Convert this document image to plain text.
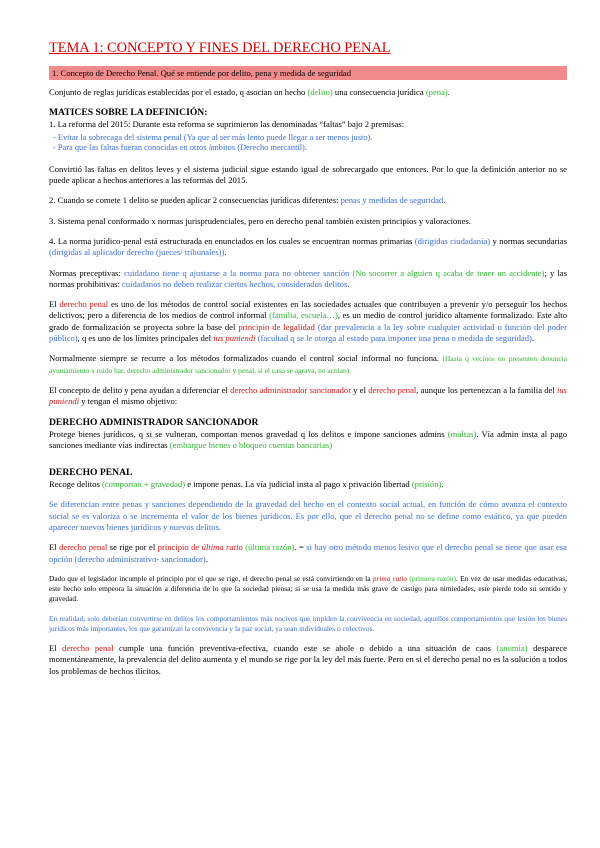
TEMA 1: CONCEPTO Y FINES DEL DERECHO PENAL
1. Concepto de Derecho Penal. Qué se entiende por delito, pena y medida de seguridad

Conjunto de reglas jurídicas establecidas por el estado, q asocian un hecho (delito) una consecuencia jurídica (pena).

MATICES SOBRE LA DEFINICIÓN:

1. La reforma del 2015: Durante esta reforma se suprimieron las denominadas “faltas” bajo 2 premisas:

- Evitar la sobrecaga del sistema penal (Ya que al ser más lento puede llegar a ser menos justo).
- Para que las faltas fueran conocidas en otros ámbitos (Derecho mercantil).

Convirtió las faltas en delitos leves y el sistema judicial sigue estando igual de sobrecargado que entonces. Por lo que la definición anterior no se puede aplicar a hechos anteriores a las reformas del 2015.

2. Cuando se comete 1 delito se pueden aplicar 2 consecuencias jurídicas diferentes: penas y medidas de seguridad.

3. Sistema penal conformado x normas jurisprudenciales, pero en derecho penal también existen principios y valoraciones.

4. La norma jurídico-penal está estructurada en enunciados en los cuales se encuentran normas primarias (dirigidas ciudadanía) y normas secundarias (dirigidas al aplicador derecho (jueces/ tribunales)).

Normas preceptivas: cuidadano tiene q ajustarse a la norma para no obtener sanción (No socorrer a alguien q acaba de tener un accidente); y las normas prohibitivas: cuidadanos no deben realizar ciertos hechos, considerados delitos.

El derecho penal es uno de los métodos de control social existentes en las sociedades actuales que contribuyen a prevenir y/o perseguir los hechos delictivos; pero a diferencia de los medios de control informal (familia, escuela…), es un medio de control jurídico altamente formalizado. Este alto grado de formalización se proyecta sobre la base del principio de legalidad (dar prevalencia a la ley sobre cualquier actividad o función del poder público), q es uno de los límites principales del ius puniendi (facultad q se le otorga al estado para imponer una pena o medida de seguridad).

Normalmente siempre se recurre a los métodos formalizados cuando el control social informal no funciona. (Hasta q vecinos no presenten denuncia ayuntamiento x ruido bar, derecho administrador sancionador y penal, si el caso se agrava, no actúan).

El concepto de delito y pena ayudan a diferenciar el derecho administrador sancionador y el derecho penal, aunque los pertenezcan a la familia del ius puniendi y tengan el mismo objetivo:

DERECHO ADMINISTRADOR SANCIONADOR

Protege bienes jurídicos, q si se vulneran, comportan menos gravedad q los delitos e impone sanciones admins (multas). Vía admin insta al pago sanciones mediante vías indirectas (embargue bienes o bloqueo cuentas bancarias)

DERECHO PENAL

Recoge delitos (comportan + gravedad) e impone penas. La vía judicial insta al pago x privación libertad (prisión).

Se diferencian entre penas y sanciones dependiendo de la gravedad del hecho en el contexto social actual, en función de cómo avanza el contexto social se es valoriza o se incrementa el valor de los bienes jurídicos. Es por ello, que el derecho penal no se define como estático, ya que pueden aparecer nuevos bienes jurídicos y nuevos delitos.

El derecho penal se rige por el principio de última ratio (última razón). = si hay otro método menos lesivo que el derecho penal se tiene que usar esa opción (derecho administrativo- sancionador).

Dado que el legislador incumple el principio por el que se rige, el derecho penal se está convirtiendo en la prima ratio (primera razón). En vez de usar medidas educativas, este hecho solo empeora la situación a diferencia de lo que la sociedad piensa; si se usa la medida más grave de castigo para nimiedades, este pierde todo su sentido y gravedad.

En realidad, solo deberían convertirse en delitos los comportamientos más nocivos que impiden la convivencia en sociedad, aquellos comportamientos que lesión los bienes jurídicos más importantes, los que garantizan la convivencia y la paz social, ya sean individuales o colectivos.

El derecho penal cumple una función preventiva-efectiva, cuando este se abole o debido a una situación de caos (anomia) desparece momentáneamente, la prevalencia del delito aumenta y el mundo se rige por la ley del más fuerte. Pero en si el derecho penal no es la solución a todos los problemas de hechos ilícitos.
